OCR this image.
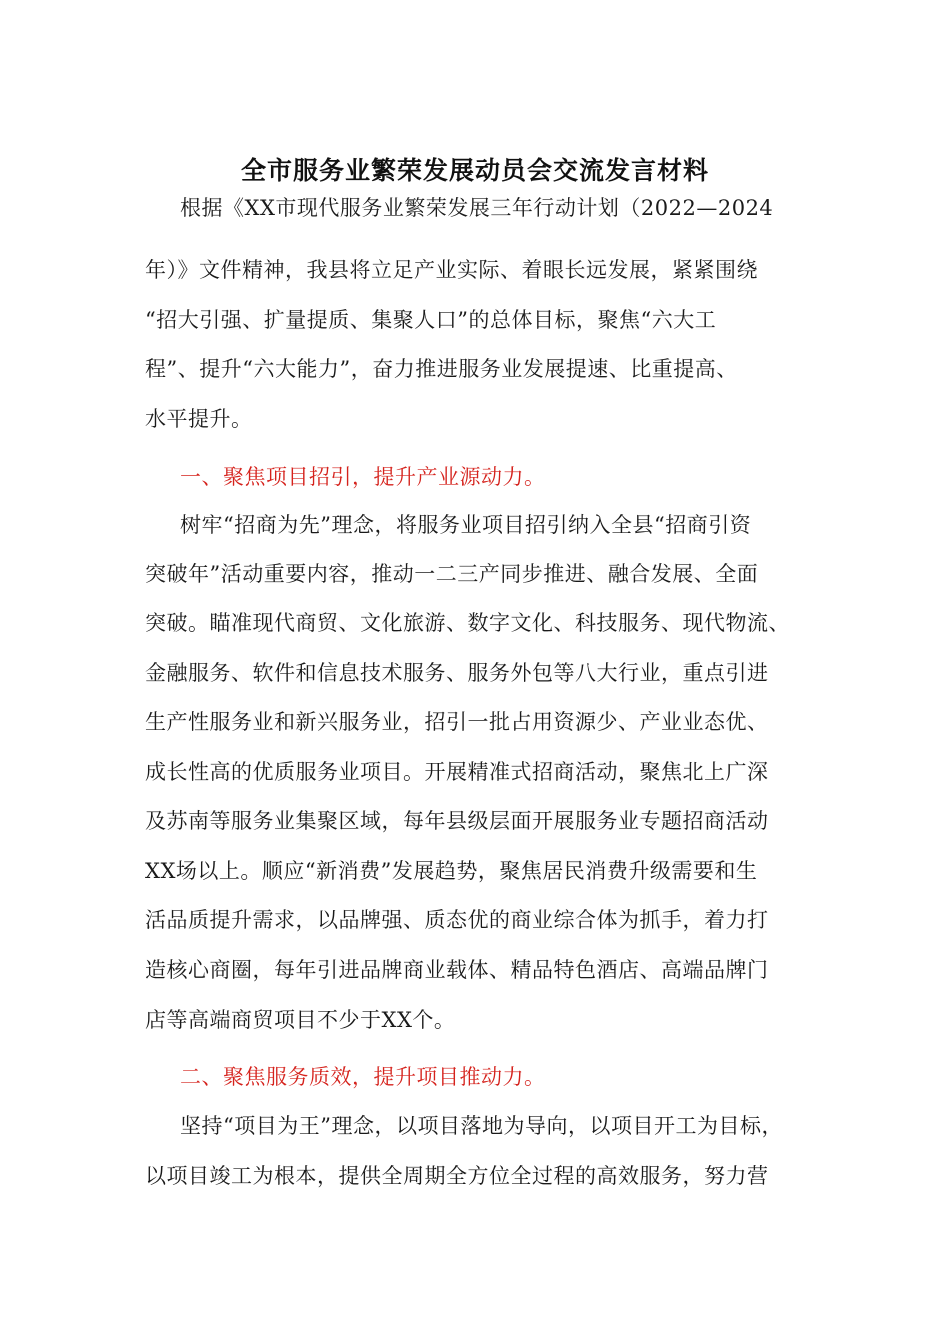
全市服务业繁荣发展动员会交流发言材料
根据《XX市现代服务业繁荣发展三年行动计划（2022—2024
年）》文件精神，我县将立足产业实际、着眼长远发展，紧紧围绕
“招大引强、扩量提质、集聚人口”的总体目标，聚焦“六大工
程”、提升“六大能力”，奋力推进服务业发展提速、比重提高、
水平提升。
一、聚焦项目招引，提升产业源动力。
树牢“招商为先”理念，将服务业项目招引纳入全县“招商引资
突破年”活动重要内容，推动一二三产同步推进、融合发展、全面
突破。瞄准现代商贸、文化旅游、数字文化、科技服务、现代物流、
金融服务、软件和信息技术服务、服务外包等八大行业，重点引进
生产性服务业和新兴服务业，招引一批占用资源少、产业业态优、
成长性高的优质服务业项目。开展精准式招商活动，聚焦北上广深
及苏南等服务业集聚区域，每年县级层面开展服务业专题招商活动
XX场以上。顺应“新消费”发展趋势，聚焦居民消费升级需要和生
活品质提升需求，以品牌强、质态优的商业综合体为抓手，着力打
造核心商圈，每年引进品牌商业载体、精品特色酒店、高端品牌门
店等高端商贸项目不少于XX个。
二、聚焦服务质效，提升项目推动力。
坚持“项目为王”理念，以项目落地为导向，以项目开工为目标，
以项目竣工为根本，提供全周期全方位全过程的高效服务，努力营
